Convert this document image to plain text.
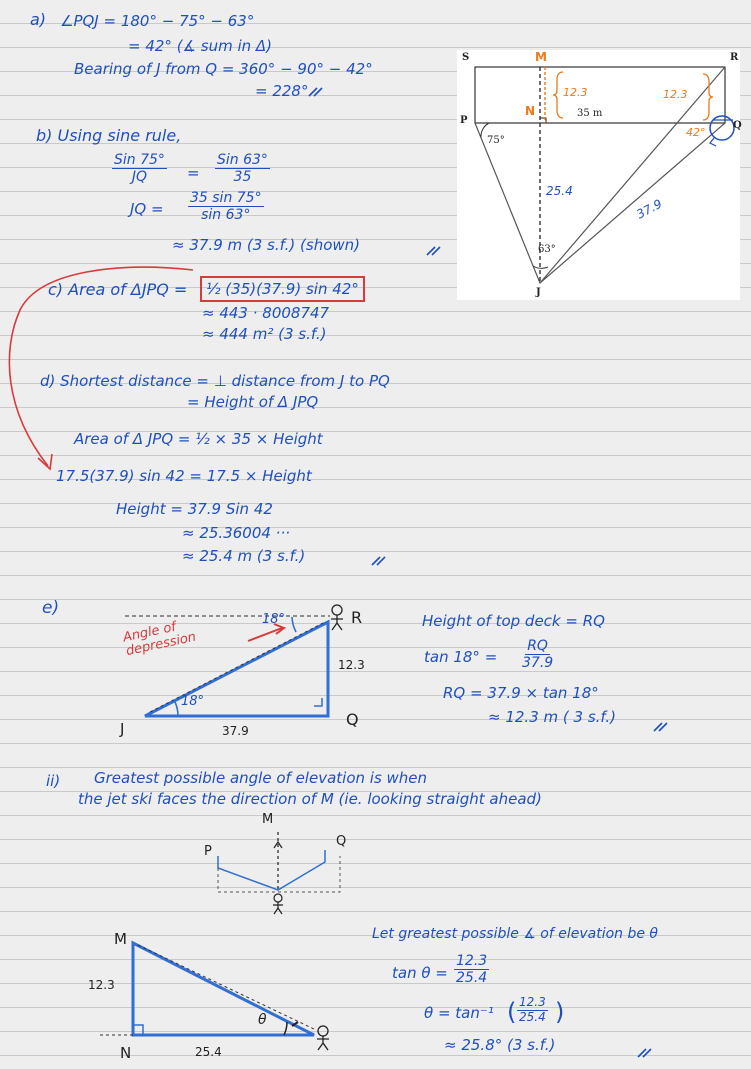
a) ∠PQJ = 180° − 75° − 63°
= 42° (∡ sum in Δ)
Bearing of J from Q = 360° − 90° − 42°
= 228°
b) Using sine rule,
Sin 75°
JQ	=
Sin 63°
35
JQ = $\frac{35 \sin 75^\circ}{\sin 63^\circ}$
≈ 37.9 m (3 s.f.) (shown)
c) Area of ΔJPQ =	½ (35)(37.9) sin 42°
≈ 443 · 8008747
≈ 444 m² (3 s.f.)
d) Shortest distance = ⊥ distance from J to PQ
= Height of Δ JPQ
Area of Δ JPQ = ½ × 35 × Height
17.5(37.9) sin 42 = 17.5 × Height
Height = 37.9 Sin 42
≈ 25.36004 ···
≈ 25.4 m (3 s.f.)
e)
Angle of depression
18°
18°
R
J	Q
12.3
37.9
Height of top deck = RQ
$\tan 18^\circ = \frac{RQ}{37.9}$
RQ = 37.9 × tan 18°
≈ 12.3 m ( 3 s.f.)
ii) Greatest possible angle of elevation is when
the jet ski faces the direction of M (ie. looking straight ahead)
M
P
Q
M
N
12.3
25.4
θ
Let greatest possible ∡ of elevation be θ
$\tan \theta = \frac{12.3}{25.4}$
θ = tan⁻¹ ( $\frac{12.3}{25.4}$ )
≈ 25.8° (3 s.f.)
S	M	R
P	Q
N
J
35 m
75°
63°
12.3	12.3
42°
25.4
37.9
